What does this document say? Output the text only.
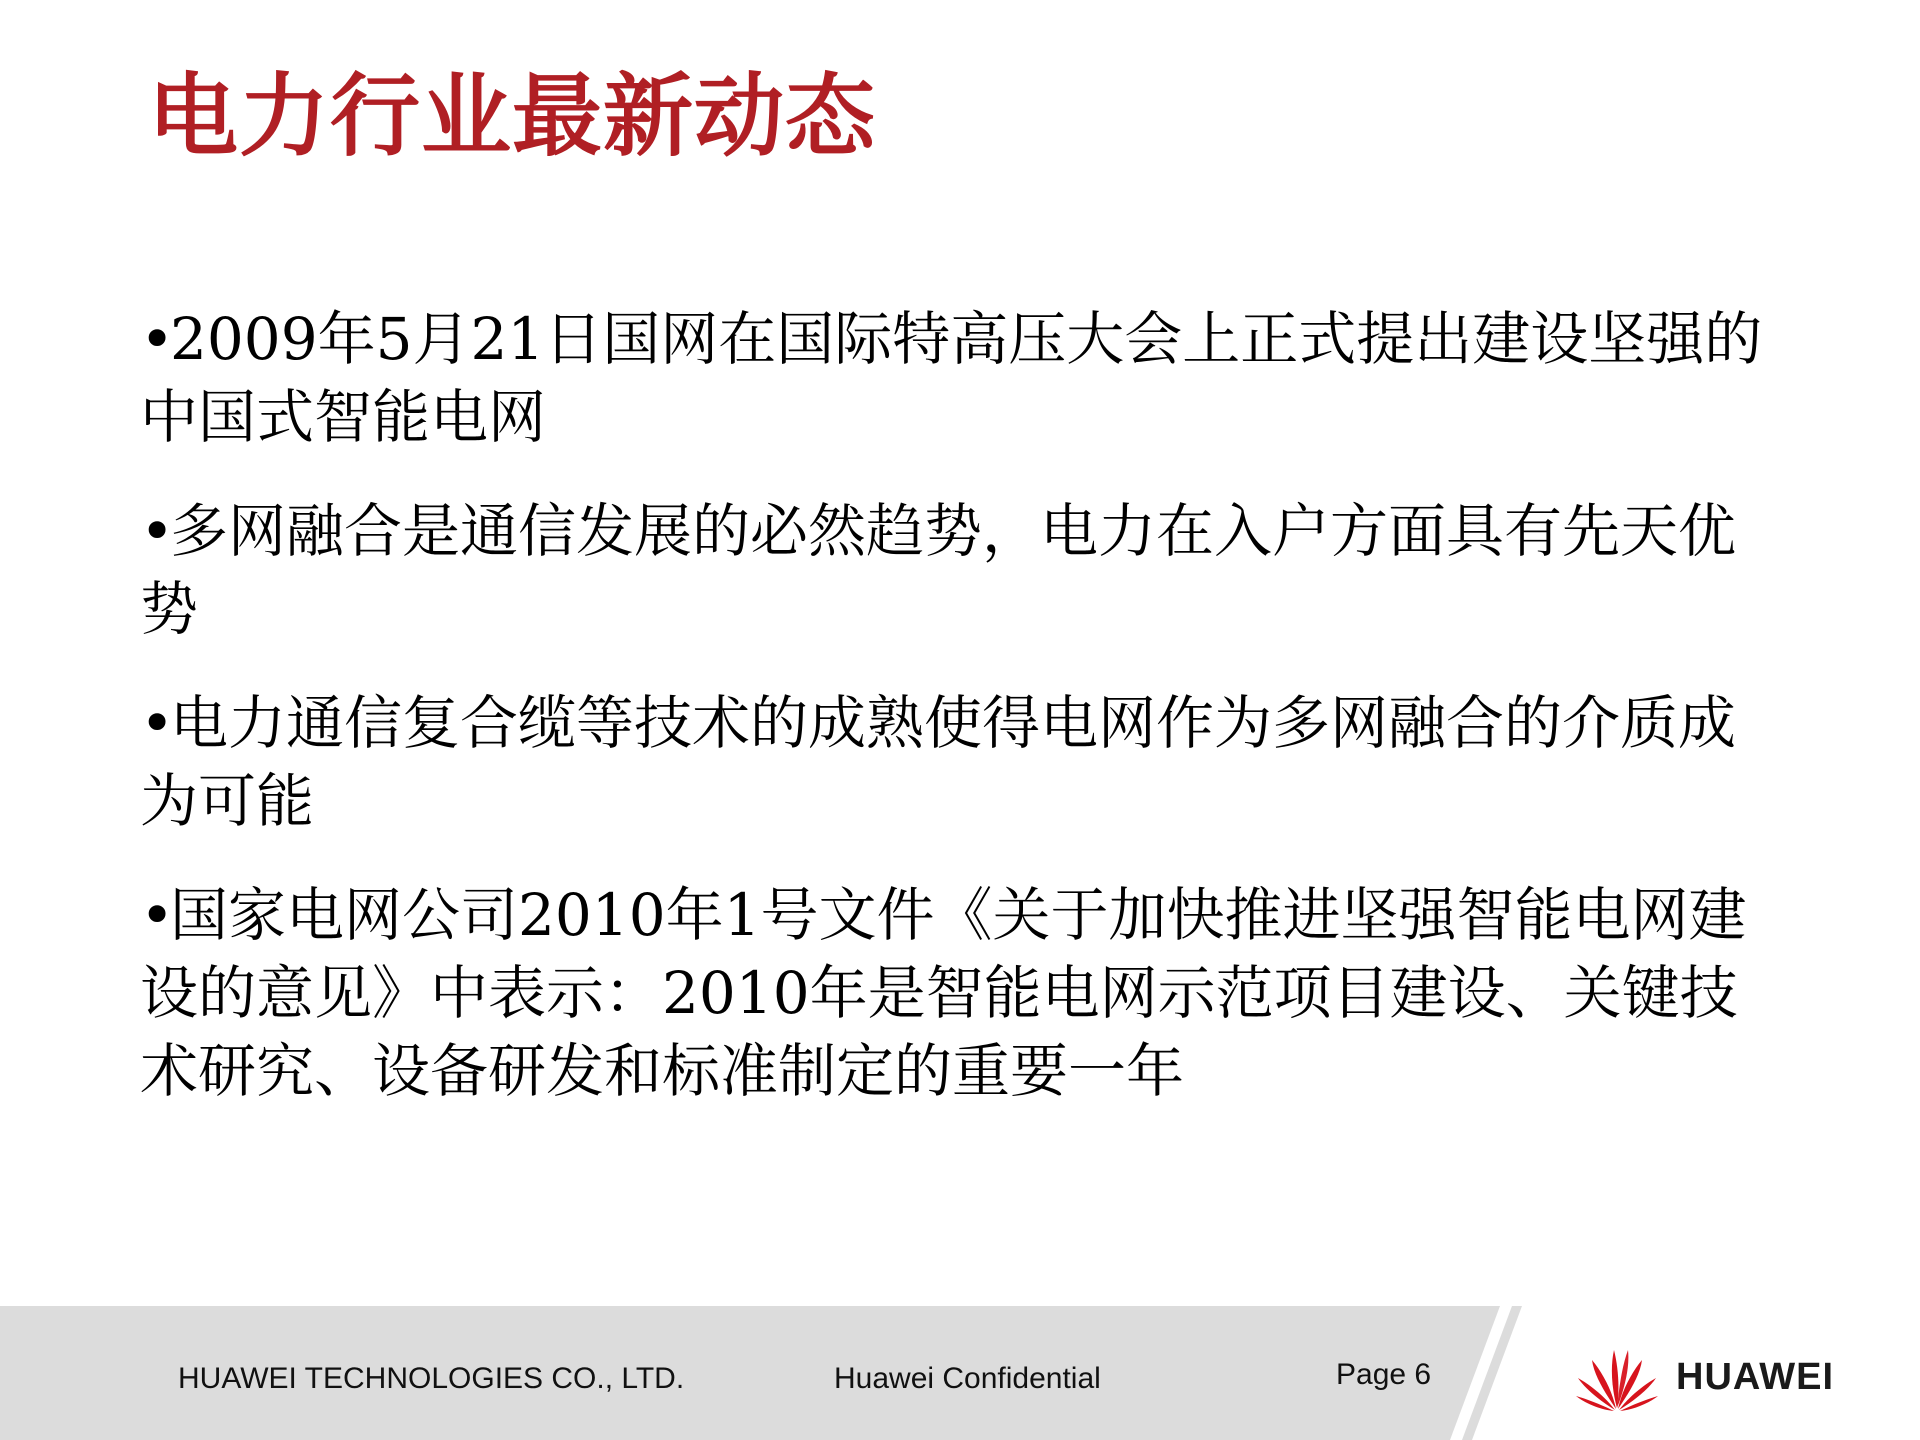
电力行业最新动态

•2009年5月21日国网在国际特高压大会上正式提出建设坚强的中国式智能电网

•多网融合是通信发展的必然趋势，电力在入户方面具有先天优势

•电力通信复合缆等技术的成熟使得电网作为多网融合的介质成为可能

•国家电网公司2010年1号文件《关于加快推进坚强智能电网建设的意见》中表示：2010年是智能电网示范项目建设、关键技术研究、设备研发和标准制定的重要一年

HUAWEI TECHNOLOGIES CO., LTD.	Huawei Confidential	Page 6	HUAWEI
